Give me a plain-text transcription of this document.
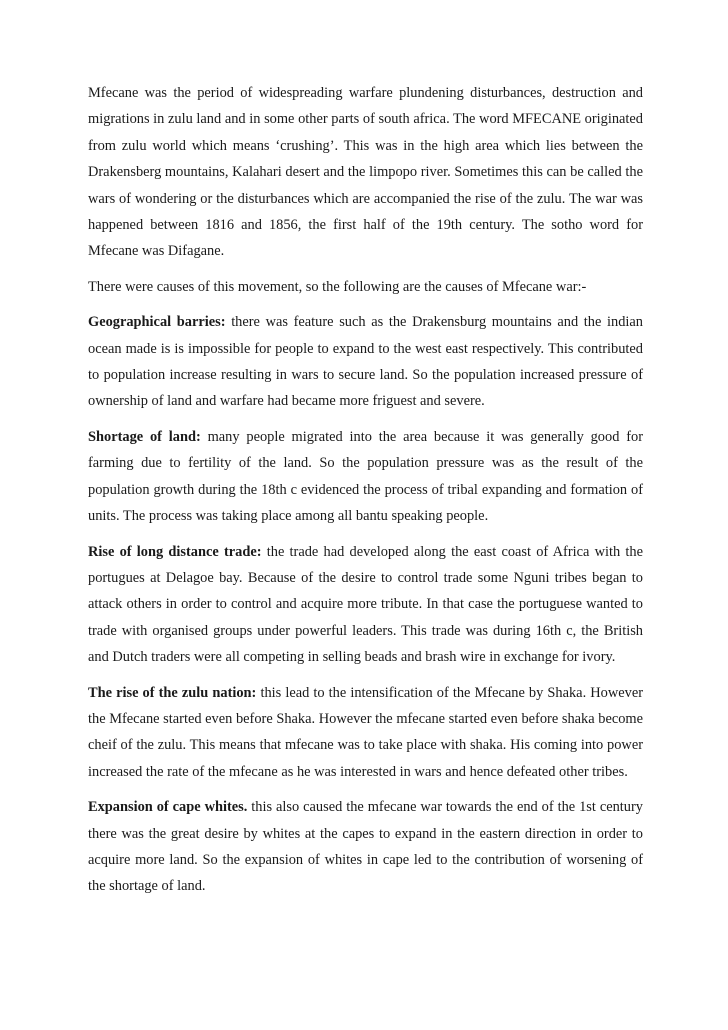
Mfecane was the period of widespreading warfare plundening disturbances, destruction and migrations in zulu land and in some other parts of south africa. The word MFECANE originated from zulu world which means ‘crushing’. This was in the high area which lies between the Drakensberg mountains, Kalahari desert and the limpopo river. Sometimes this can be called the wars of wondering or the disturbances which are accompanied the rise of the zulu. The war was happened between 1816 and 1856, the first half of the 19th century. The sotho word for Mfecane was Difagane.

There were causes of this movement, so the following are the causes of Mfecane war:-

Geographical barries: there was feature such as the Drakensburg mountains and the indian ocean made is is impossible for people to expand to the west east respectively. This contributed to population increase resulting in wars to secure land. So the population increased pressure of ownership of land and warfare had became more friguest and severe.

Shortage of land: many people migrated into the area because it was generally good for farming due to fertility of the land. So the population pressure was as the result of the population growth during the 18th c evidenced the process of tribal expanding and formation of units. The process was taking place among all bantu speaking people.

Rise of long distance trade: the trade had developed along the east coast of Africa with the portugues at Delagoe bay. Because of the desire to control trade some Nguni tribes began to attack others in order to control and acquire more tribute. In that case the portuguese wanted to trade with organised groups under powerful leaders. This trade was during 16th c, the British and Dutch traders were all competing in selling beads and brash wire in exchange for ivory.

The rise of the zulu nation: this lead to the intensification of the Mfecane by Shaka. However the Mfecane started even before Shaka. However the mfecane started even before shaka become cheif of the zulu. This means that mfecane was to take place with shaka. His coming into power increased the rate of the mfecane as he was interested in wars and hence defeated other tribes.

Expansion of cape whites. this also caused the mfecane war towards the end of the 1st century there was the great desire by whites at the capes to expand in the eastern direction in order to acquire more land. So the expansion of whites in cape led to the contribution of worsening of the shortage of land.
